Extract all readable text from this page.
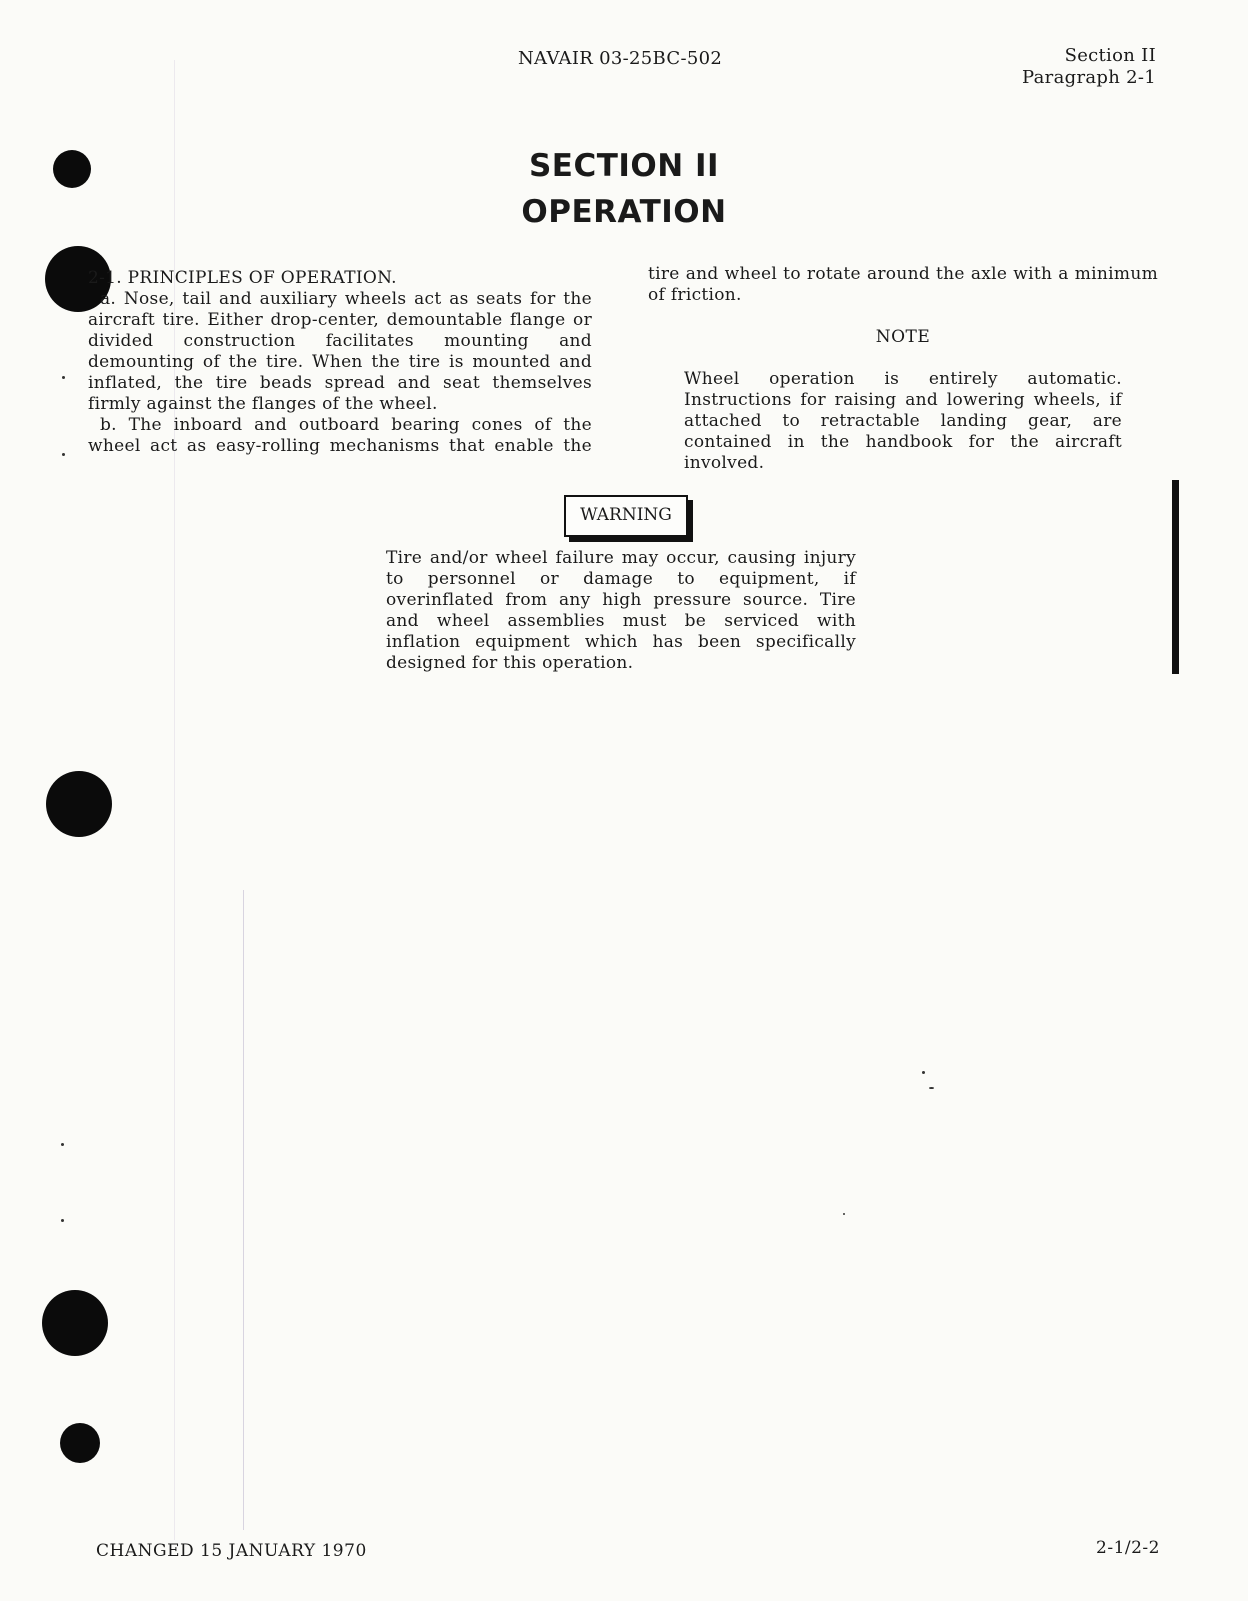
NAVAIR 03-25BC-502	Section II
Paragraph 2-1
SECTION II
OPERATION

2-1. PRINCIPLES OF OPERATION.

a. Nose, tail and auxiliary wheels act as seats for the aircraft tire. Either drop-center, demountable flange or divided construction facilitates mounting and demounting of the tire. When the tire is mounted and inflated, the tire beads spread and seat themselves firmly against the flanges of the wheel.

b. The inboard and outboard bearing cones of the wheel act as easy-rolling mechanisms that enable the

tire and wheel to rotate around the axle with a minimum of friction.

NOTE
Wheel operation is entirely automatic. Instructions for raising and lowering wheels, if attached to retractable landing gear, are contained in the handbook for the aircraft involved.
WARNING
Tire and/or wheel failure may occur, causing injury to personnel or damage to equipment, if overinflated from any high pressure source. Tire and wheel assemblies must be serviced with inflation equipment which has been specifically designed for this operation.
CHANGED 15 JANUARY 1970	2-1/2-2
